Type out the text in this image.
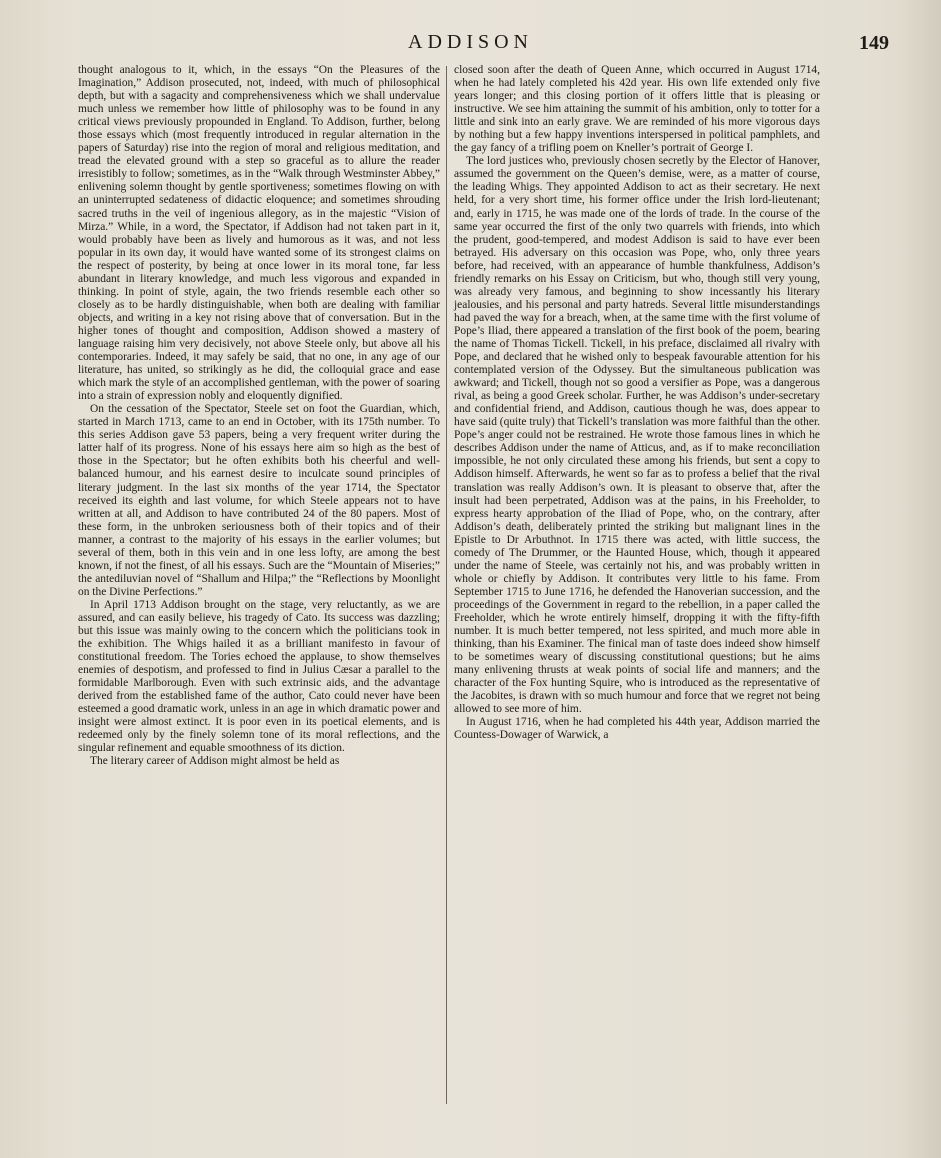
ADDISON	149

thought analogous to it, which, in the essays “On the Pleasures of the Imagination,” Addison prosecuted, not, indeed, with much of philosophical depth, but with a sagacity and comprehensiveness which we shall undervalue much unless we remember how little of philosophy was to be found in any critical views previously propounded in England. To Addison, further, belong those essays which (most frequently introduced in regular alternation in the papers of Saturday) rise into the region of moral and religious meditation, and tread the elevated ground with a step so graceful as to allure the reader irresistibly to follow; sometimes, as in the “Walk through Westminster Abbey,” enlivening solemn thought by gentle sportiveness; sometimes flowing on with an uninterrupted sedateness of didactic eloquence; and sometimes shrouding sacred truths in the veil of ingenious allegory, as in the majestic “Vision of Mirza.” While, in a word, the Spectator, if Addison had not taken part in it, would probably have been as lively and humorous as it was, and not less popular in its own day, it would have wanted some of its strongest claims on the respect of posterity, by being at once lower in its moral tone, far less abundant in literary knowledge, and much less vigorous and expanded in thinking. In point of style, again, the two friends resemble each other so closely as to be hardly distinguishable, when both are dealing with familiar objects, and writing in a key not rising above that of conversation. But in the higher tones of thought and composition, Addison showed a mastery of language raising him very decisively, not above Steele only, but above all his contemporaries. Indeed, it may safely be said, that no one, in any age of our literature, has united, so strikingly as he did, the colloquial grace and ease which mark the style of an accomplished gentleman, with the power of soaring into a strain of expression nobly and eloquently dignified.

On the cessation of the Spectator, Steele set on foot the Guardian, which, started in March 1713, came to an end in October, with its 175th number. To this series Addison gave 53 papers, being a very frequent writer during the latter half of its progress. None of his essays here aim so high as the best of those in the Spectator; but he often exhibits both his cheerful and well-balanced humour, and his earnest desire to inculcate sound principles of literary judgment. In the last six months of the year 1714, the Spectator received its eighth and last volume, for which Steele appears not to have written at all, and Addison to have contributed 24 of the 80 papers. Most of these form, in the unbroken seriousness both of their topics and of their manner, a contrast to the majority of his essays in the earlier volumes; but several of them, both in this vein and in one less lofty, are among the best known, if not the finest, of all his essays. Such are the “Mountain of Miseries;” the antediluvian novel of “Shallum and Hilpa;” the “Reflections by Moonlight on the Divine Perfections.”

In April 1713 Addison brought on the stage, very reluctantly, as we are assured, and can easily believe, his tragedy of Cato. Its success was dazzling; but this issue was mainly owing to the concern which the politicians took in the exhibition. The Whigs hailed it as a brilliant manifesto in favour of constitutional freedom. The Tories echoed the applause, to show themselves enemies of despotism, and professed to find in Julius Cæsar a parallel to the formidable Marlborough. Even with such extrinsic aids, and the advantage derived from the established fame of the author, Cato could never have been esteemed a good dramatic work, unless in an age in which dramatic power and insight were almost extinct. It is poor even in its poetical elements, and is redeemed only by the finely solemn tone of its moral reflections, and the singular refinement and equable smoothness of its diction.

The literary career of Addison might almost be held as

closed soon after the death of Queen Anne, which occurred in August 1714, when he had lately completed his 42d year. His own life extended only five years longer; and this closing portion of it offers little that is pleasing or instructive. We see him attaining the summit of his ambition, only to totter for a little and sink into an early grave. We are reminded of his more vigorous days by nothing but a few happy inventions interspersed in political pamphlets, and the gay fancy of a trifling poem on Kneller’s portrait of George I.

The lord justices who, previously chosen secretly by the Elector of Hanover, assumed the government on the Queen’s demise, were, as a matter of course, the leading Whigs. They appointed Addison to act as their secretary. He next held, for a very short time, his former office under the Irish lord-lieutenant; and, early in 1715, he was made one of the lords of trade. In the course of the same year occurred the first of the only two quarrels with friends, into which the prudent, good-tempered, and modest Addison is said to have ever been betrayed. His adversary on this occasion was Pope, who, only three years before, had received, with an appearance of humble thankfulness, Addison’s friendly remarks on his Essay on Criticism, but who, though still very young, was already very famous, and beginning to show incessantly his literary jealousies, and his personal and party hatreds. Several little misunderstandings had paved the way for a breach, when, at the same time with the first volume of Pope’s Iliad, there appeared a translation of the first book of the poem, bearing the name of Thomas Tickell. Tickell, in his preface, disclaimed all rivalry with Pope, and declared that he wished only to bespeak favourable attention for his contemplated version of the Odyssey. But the simultaneous publication was awkward; and Tickell, though not so good a versifier as Pope, was a dangerous rival, as being a good Greek scholar. Further, he was Addison’s under-secretary and confidential friend, and Addison, cautious though he was, does appear to have said (quite truly) that Tickell’s translation was more faithful than the other. Pope’s anger could not be restrained. He wrote those famous lines in which he describes Addison under the name of Atticus, and, as if to make reconciliation impossible, he not only circulated these among his friends, but sent a copy to Addison himself. Afterwards, he went so far as to profess a belief that the rival translation was really Addison’s own. It is pleasant to observe that, after the insult had been perpetrated, Addison was at the pains, in his Freeholder, to express hearty approbation of the Iliad of Pope, who, on the contrary, after Addison’s death, deliberately printed the striking but malignant lines in the Epistle to Dr Arbuthnot. In 1715 there was acted, with little success, the comedy of The Drummer, or the Haunted House, which, though it appeared under the name of Steele, was certainly not his, and was probably written in whole or chiefly by Addison. It contributes very little to his fame. From September 1715 to June 1716, he defended the Hanoverian succession, and the proceedings of the Government in regard to the rebellion, in a paper called the Freeholder, which he wrote entirely himself, dropping it with the fifty-fifth number. It is much better tempered, not less spirited, and much more able in thinking, than his Examiner. The finical man of taste does indeed show himself to be sometimes weary of discussing constitutional questions; but he aims many enlivening thrusts at weak points of social life and manners; and the character of the Fox hunting Squire, who is introduced as the representative of the Jacobites, is drawn with so much humour and force that we regret not being allowed to see more of him.

In August 1716, when he had completed his 44th year, Addison married the Countess-Dowager of Warwick, a
